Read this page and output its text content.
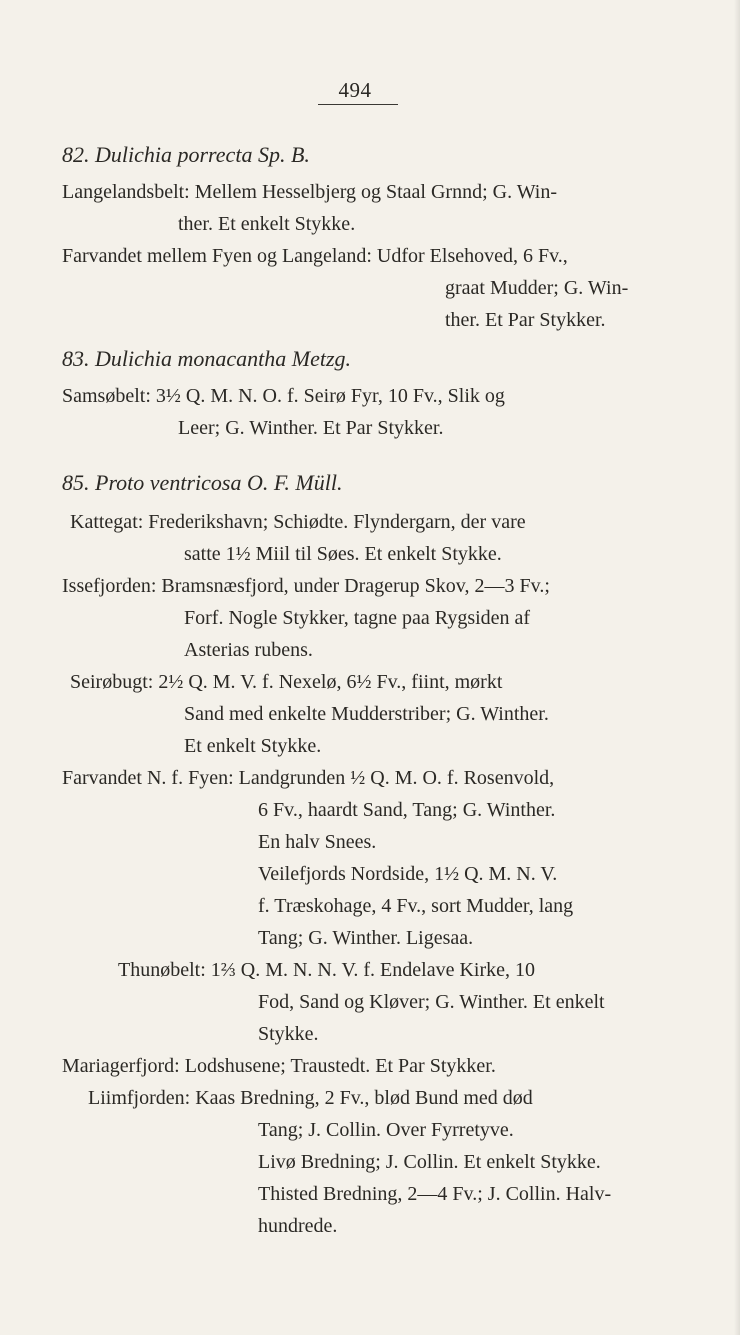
494
82. Dulichia porrecta Sp. B.
Langelandsbelt: Mellem Hesselbjerg og Staal Grnnd; G. Win-
ther. Et enkelt Stykke.
Farvandet mellem Fyen og Langeland: Udfor Elsehoved, 6 Fv.,
graat Mudder; G. Win-
ther. Et Par Stykker.
83. Dulichia monacantha Metzg.
Samsøbelt: 3½ Q. M. N. O. f. Seirø Fyr, 10 Fv., Slik og
Leer; G. Winther. Et Par Stykker.
85. Proto ventricosa O. F. Müll.
Kattegat: Frederikshavn; Schiødte. Flyndergarn, der vare
satte 1½ Miil til Søes. Et enkelt Stykke.
Issefjorden: Bramsnæsfjord, under Dragerup Skov, 2—3 Fv.;
Forf. Nogle Stykker, tagne paa Rygsiden af
Asterias rubens.
Seirøbugt: 2½ Q. M. V. f. Nexelø, 6½ Fv., fiint, mørkt
Sand med enkelte Mudderstriber; G. Winther.
Et enkelt Stykke.
Farvandet N. f. Fyen: Landgrunden ½ Q. M. O. f. Rosenvold,
6 Fv., haardt Sand, Tang; G. Winther.
En halv Snees.
Veilefjords Nordside, 1½ Q. M. N. V.
f. Træskohage, 4 Fv., sort Mudder, lang
Tang; G. Winther. Ligesaa.
Thunøbelt: 1⅔ Q. M. N. N. V. f. Endelave Kirke, 10
Fod, Sand og Kløver; G. Winther. Et enkelt
Stykke.
Mariagerfjord: Lodshusene; Traustedt. Et Par Stykker.
Liimfjorden: Kaas Bredning, 2 Fv., blød Bund med død
Tang; J. Collin. Over Fyrretyve.
Livø Bredning; J. Collin. Et enkelt Stykke.
Thisted Bredning, 2—4 Fv.; J. Collin. Halv-
hundrede.
